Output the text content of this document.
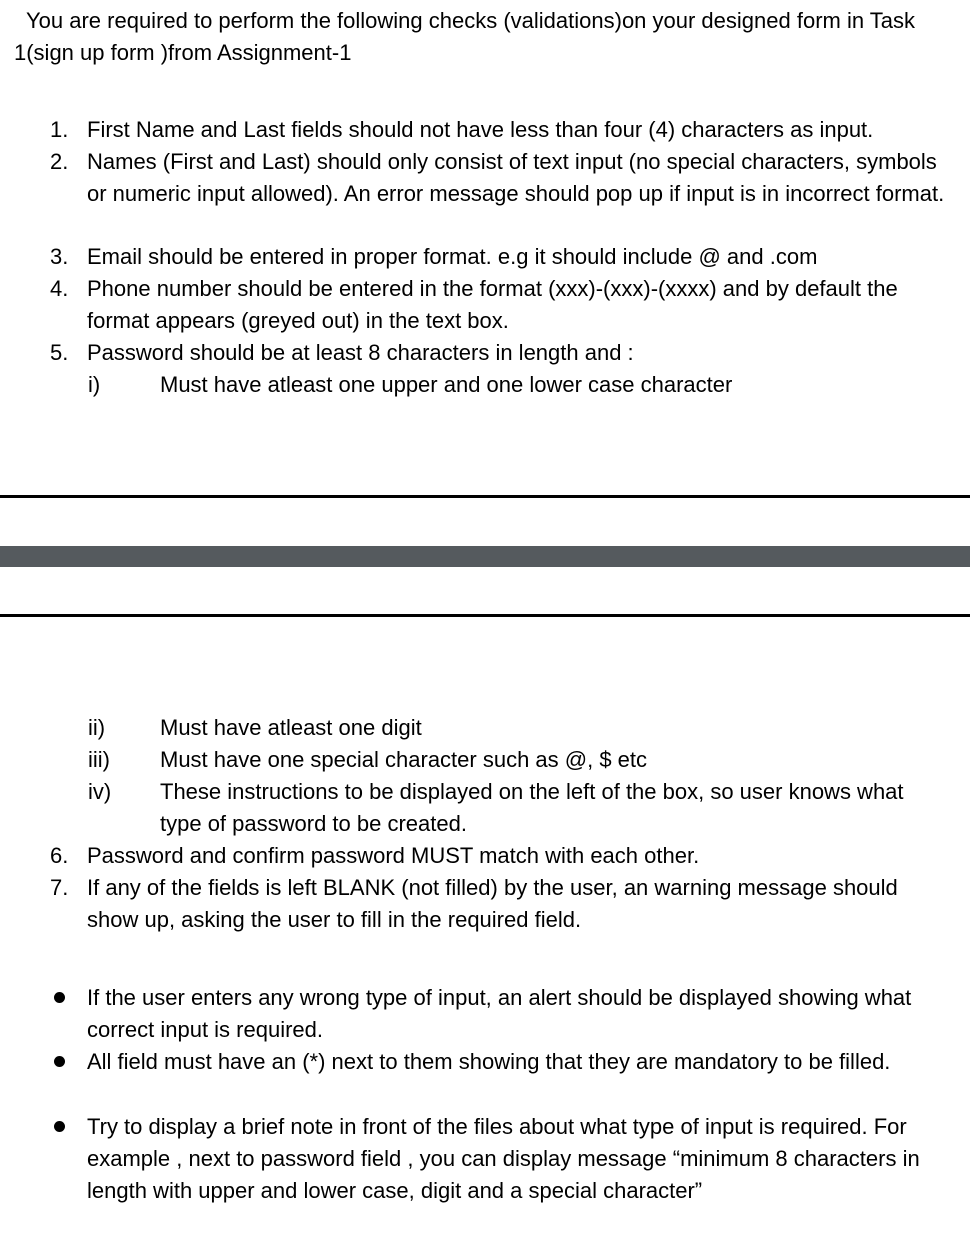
You are required to perform the following checks (validations)on your designed form in Task 1(sign up form )from Assignment-1

1. First Name and Last fields should not have less than four (4) characters as input.
2. Names (First and Last) should only consist of text input (no special characters, symbols or numeric input allowed). An error message should pop up if input is in incorrect format.
3. Email should be entered in proper format. e.g it should include @ and .com
4. Phone number should be entered in the format (xxx)-(xxx)-(xxxx) and by default the format appears (greyed out) in the text box.
5. Password should be at least 8 characters in length and :
i)	Must have atleast one upper and one lower case character
ii)	Must have atleast one digit
iii)	Must have one special character such as @, $ etc
iv)	These instructions to be displayed on the left of the box, so user knows what type of password to be created.
6. Password and confirm password MUST match with each other.
7. If any of the fields is left BLANK (not filled) by the user, an warning message should show up, asking the user to fill in the required field.
If the user enters any wrong type of input, an alert should be displayed showing what correct input is required.
All field must have an (*) next to them showing that they are mandatory to be filled.
Try to display a brief note in front of the files about what type of input is required. For example , next to password field , you can display message “minimum 8 characters in length with upper and lower case, digit and a special character”
